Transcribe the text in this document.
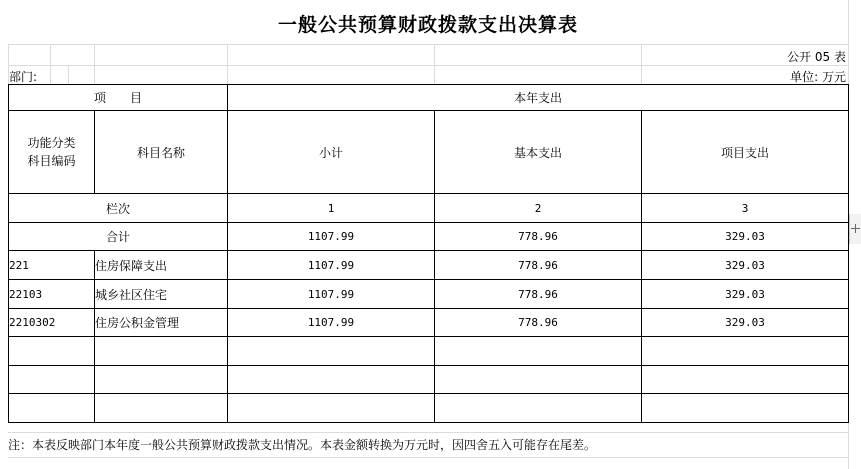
一般公共预算财政拨款支出决算表
公开 05 表
部门:	单位: 万元
项　　目		本年支出		
功能分类
科目编码	科目名称	小计	基本支出	项目支出
栏次		1	2	3
合计		1107.99	778.96	329.03
221	住房保障支出	1107.99	778.96	329.03
22103	城乡社区住宅	1107.99	778.96	329.03
2210302	住房公积金管理	1107.99	778.96	329.03

注：本表反映部门本年度一般公共预算财政拨款支出情况。本表金额转换为万元时，因四舍五入可能存在尾差。
